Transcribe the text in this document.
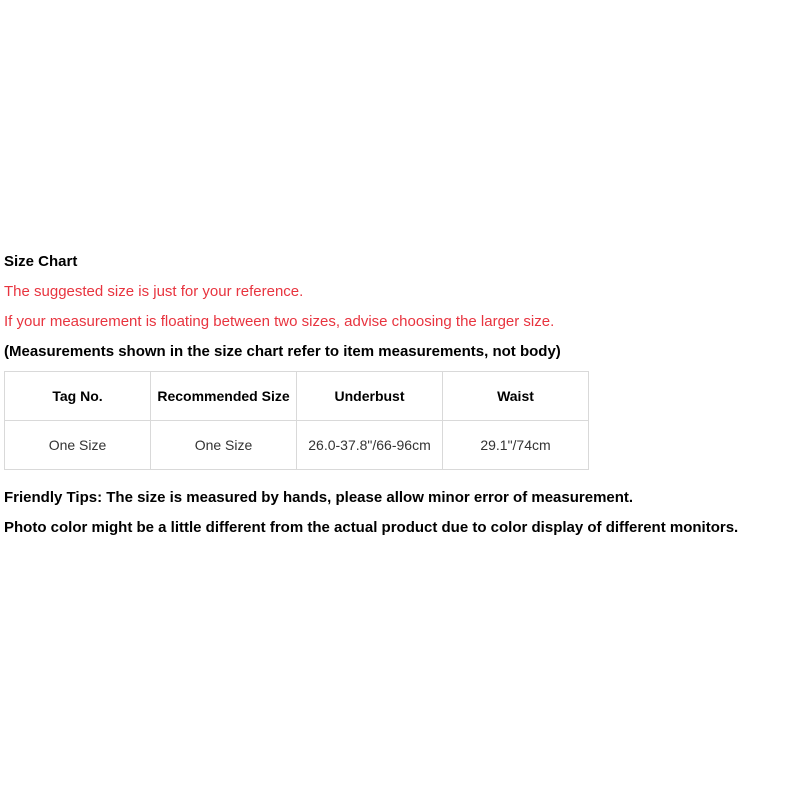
Size Chart
The suggested size is just for your reference.
If your measurement is floating between two sizes, advise choosing the larger size.
(Measurements shown in the size chart refer to item measurements, not body)
Tag No.	Recommended Size	Underbust	Waist
One Size	One Size	26.0-37.8"/66-96cm	29.1"/74cm
Friendly Tips: The size is measured by hands, please allow minor error of measurement.
Photo color might be a little different from the actual product due to color display of different monitors.
